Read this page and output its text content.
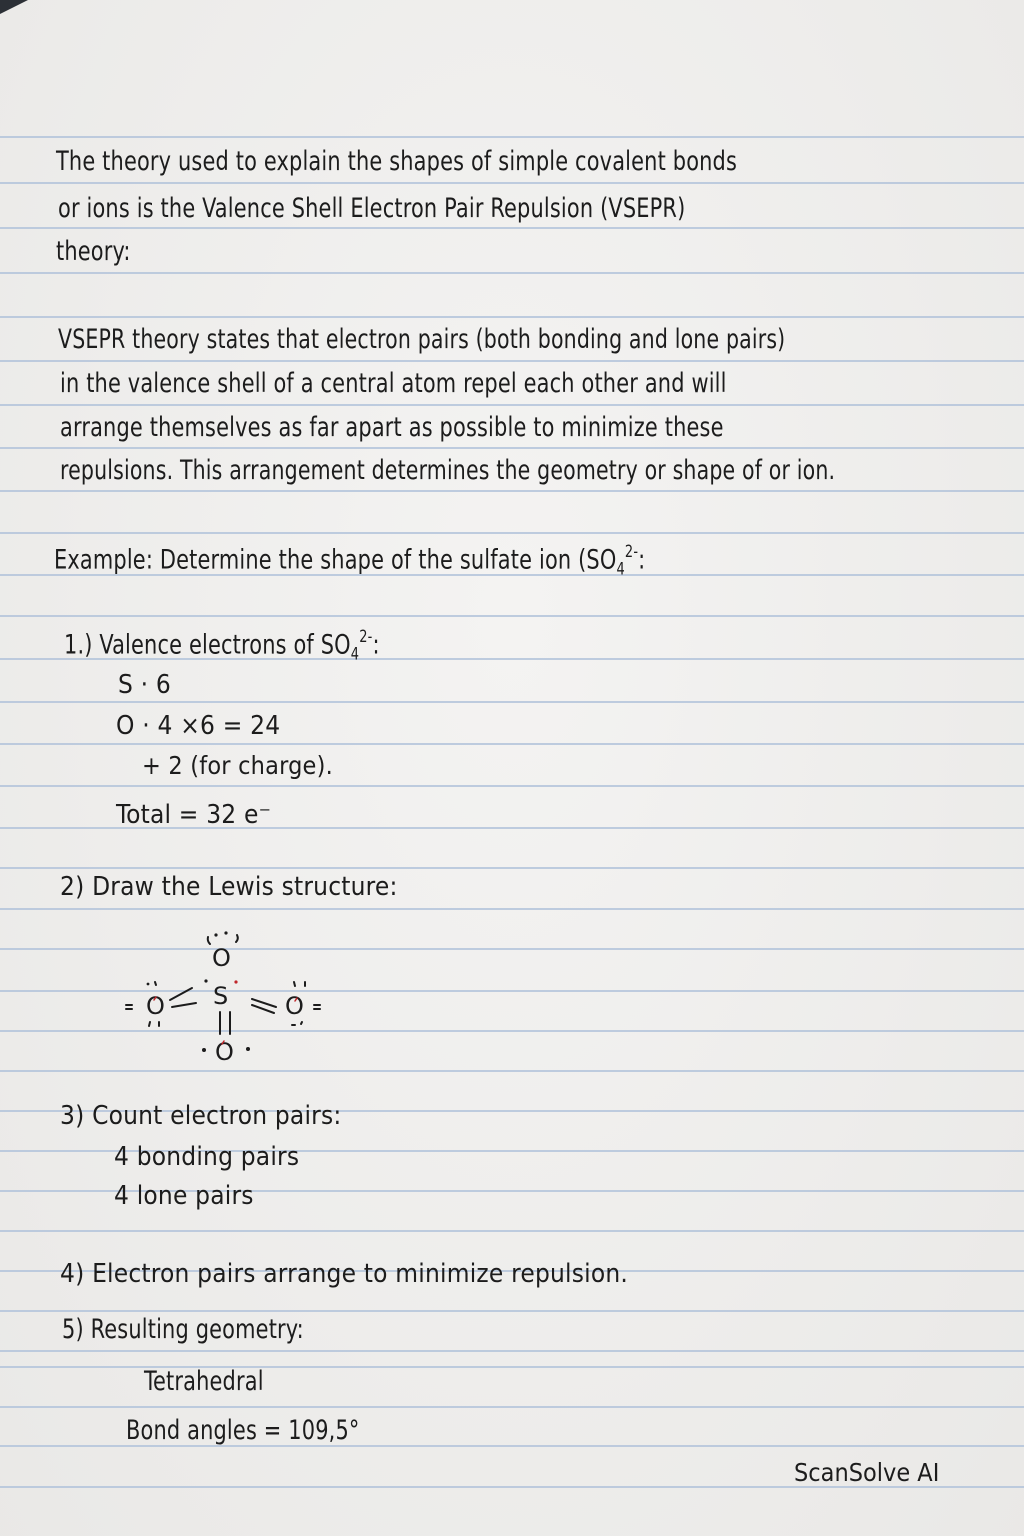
The theory used to explain the shapes of simple covalent bonds
or ions is the Valence Shell Electron Pair Repulsion (VSEPR)
theory:
VSEPR theory states that electron pairs (both bonding and lone pairs)
in the valence shell of a central atom repel each other and will
arrange themselves as far apart as possible to minimize these
repulsions. This arrangement determines the geometry or shape of or ion.
Example: Determine the shape of the sulfate ion ($SO_4^{2-}$:
1.) Valence electrons of $SO_4^{2-}$:
S · 6
O · 4 ×6 = 24
+ 2 (for charge).
Total = 32 e⁻
2) Draw the Lewis structure:
O
S
O	O
O
3) Count electron pairs:
4 bonding pairs
4 lone pairs
4) Electron pairs arrange to minimize repulsion.
5) Resulting geometry:
Tetrahedral
Bond angles = 109,5°
ScanSolve AI
